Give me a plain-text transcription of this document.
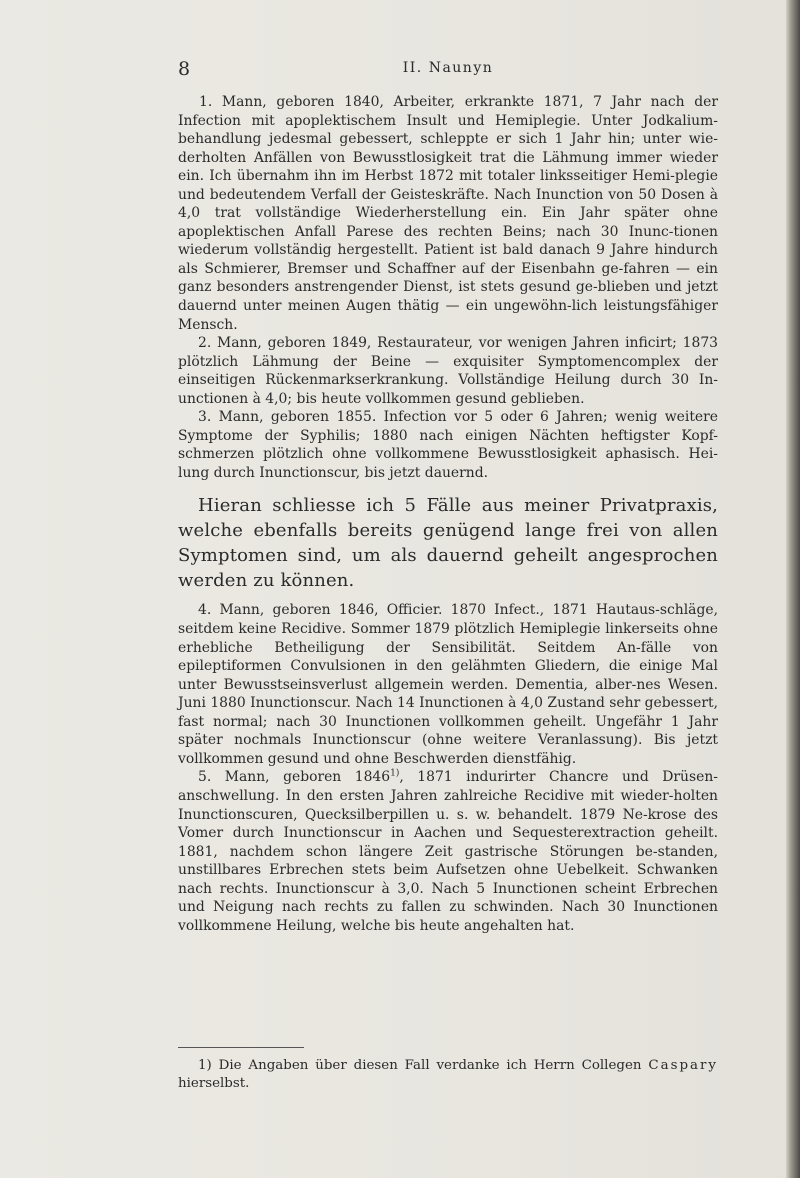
8	II. Naunyn

1. Mann, geboren 1840, Arbeiter, erkrankte 1871, 7 Jahr nach der Infection mit apoplektischem Insult und Hemiplegie. Unter Jodkalium-behandlung jedesmal gebessert, schleppte er sich 1 Jahr hin; unter wie-derholten Anfällen von Bewusstlosigkeit trat die Lähmung immer wieder ein. Ich übernahm ihn im Herbst 1872 mit totaler linksseitiger Hemi-plegie und bedeutendem Verfall der Geisteskräfte. Nach Inunction von 50 Dosen à 4,0 trat vollständige Wiederherstellung ein. Ein Jahr später ohne apoplektischen Anfall Parese des rechten Beins; nach 30 Inunc-tionen wiederum vollständig hergestellt. Patient ist bald danach 9 Jahre hindurch als Schmierer, Bremser und Schaffner auf der Eisenbahn ge-fahren — ein ganz besonders anstrengender Dienst, ist stets gesund ge-blieben und jetzt dauernd unter meinen Augen thätig — ein ungewöhn-lich leistungsfähiger Mensch.

2. Mann, geboren 1849, Restaurateur, vor wenigen Jahren inficirt; 1873 plötzlich Lähmung der Beine — exquisiter Symptomencomplex der einseitigen Rückenmarkserkrankung. Vollständige Heilung durch 30 In-unctionen à 4,0; bis heute vollkommen gesund geblieben.

3. Mann, geboren 1855. Infection vor 5 oder 6 Jahren; wenig weitere Symptome der Syphilis; 1880 nach einigen Nächten heftigster Kopf-schmerzen plötzlich ohne vollkommene Bewusstlosigkeit aphasisch. Hei-lung durch Inunctionscur, bis jetzt dauernd.

Hieran schliesse ich 5 Fälle aus meiner Privatpraxis, welche ebenfalls bereits genügend lange frei von allen Symptomen sind, um als dauernd geheilt angesprochen werden zu können.

4. Mann, geboren 1846, Officier. 1870 Infect., 1871 Hautaus-schläge, seitdem keine Recidive. Sommer 1879 plötzlich Hemiplegie linkerseits ohne erhebliche Betheiligung der Sensibilität. Seitdem An-fälle von epileptiformen Convulsionen in den gelähmten Gliedern, die einige Mal unter Bewusstseinsverlust allgemein werden. Dementia, alber-nes Wesen. Juni 1880 Inunctionscur. Nach 14 Inunctionen à 4,0 Zustand sehr gebessert, fast normal; nach 30 Inunctionen vollkommen geheilt. Ungefähr 1 Jahr später nochmals Inunctionscur (ohne weitere Veranlassung). Bis jetzt vollkommen gesund und ohne Beschwerden dienstfähig.

5. Mann, geboren 1846$^{1)}$, 1871 indurirter Chancre und Drüsen-anschwellung. In den ersten Jahren zahlreiche Recidive mit wieder-holten Inunctionscuren, Quecksilberpillen u. s. w. behandelt. 1879 Ne-krose des Vomer durch Inunctionscur in Aachen und Sequesterextraction geheilt. 1881, nachdem schon längere Zeit gastrische Störungen be-standen, unstillbares Erbrechen stets beim Aufsetzen ohne Uebelkeit. Schwanken nach rechts. Inunctionscur à 3,0. Nach 5 Inunctionen scheint Erbrechen und Neigung nach rechts zu fallen zu schwinden. Nach 30 Inunctionen vollkommene Heilung, welche bis heute angehalten hat.

1) Die Angaben über diesen Fall verdanke ich Herrn Collegen Caspary hierselbst.
